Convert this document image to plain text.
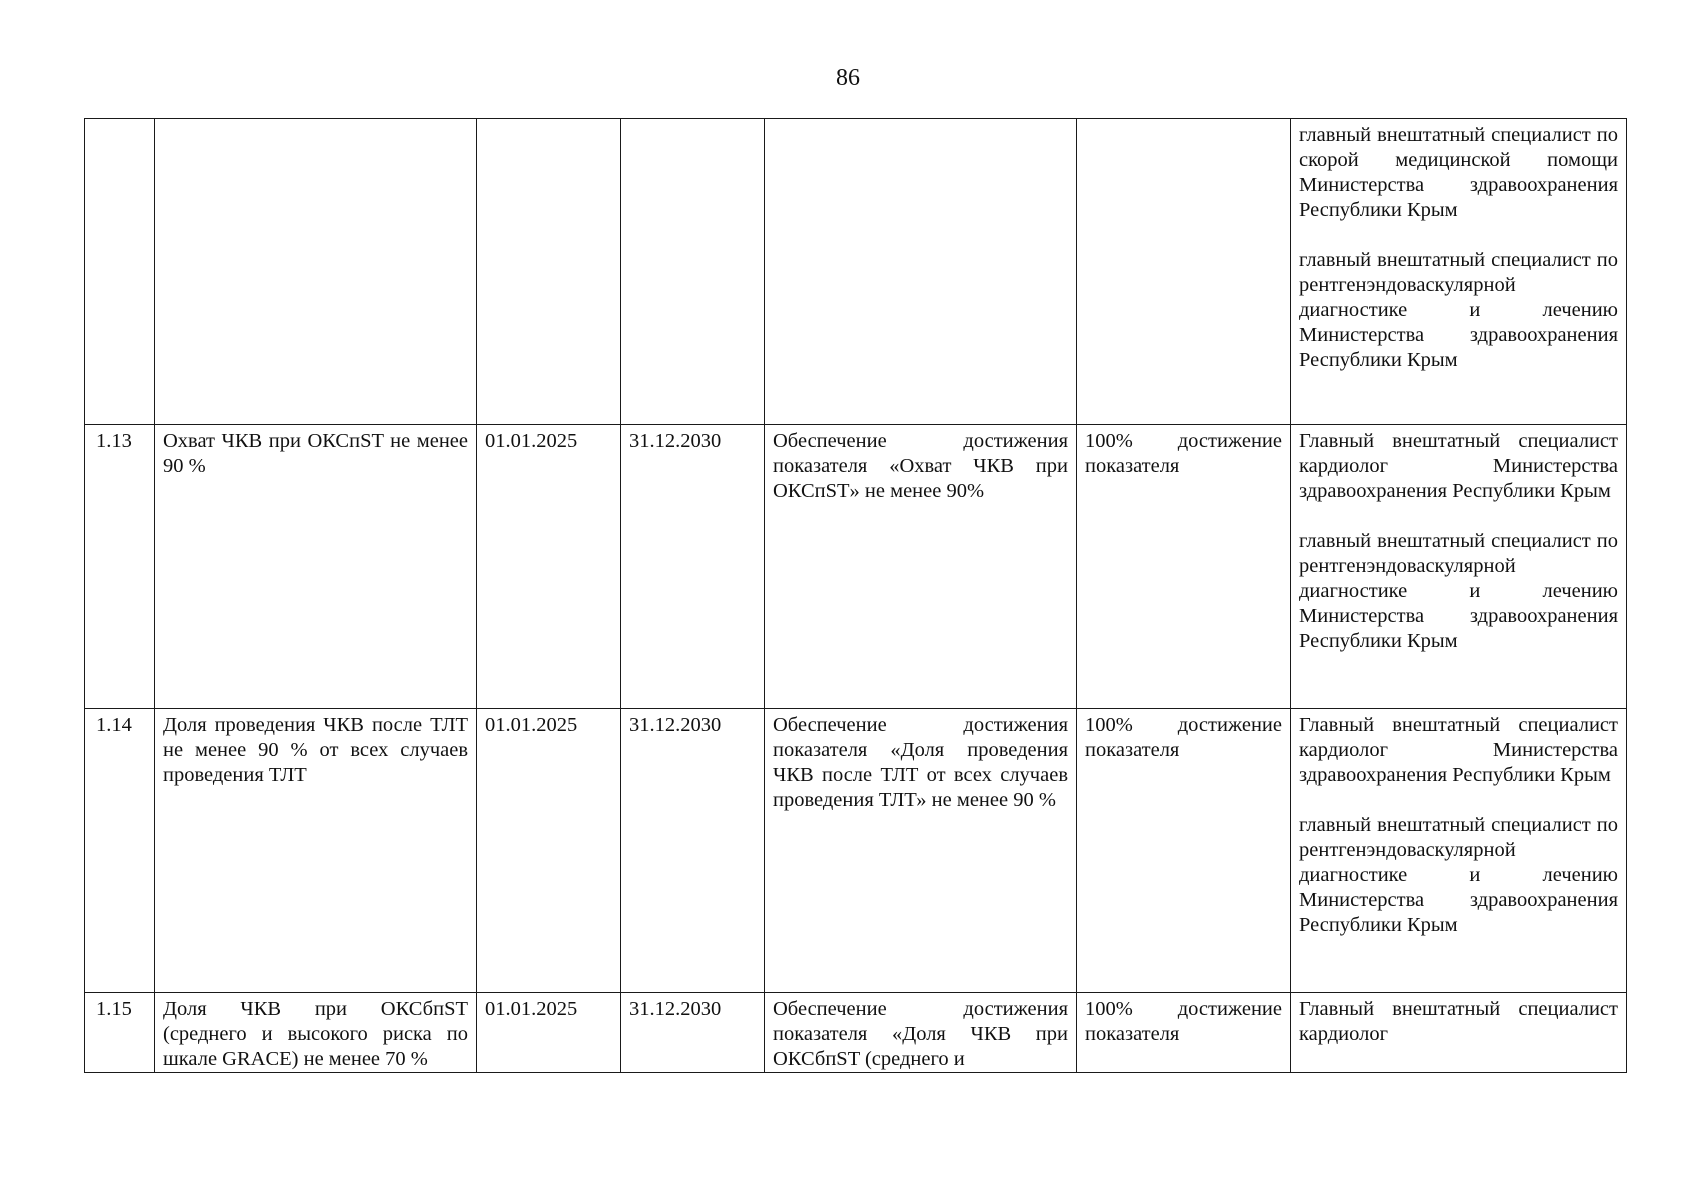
86

						главный внештатный специалист по скорой медицинской помощи Министерства здравоохранения Республики Крым

главный внештатный специалист по рентгенэндоваскулярной диагностике и лечению Министерства здравоохранения Республики Крым

1.13	Охват ЧКВ при ОКСпST не менее 90 %	01.01.2025	31.12.2030	Обеспечение достижения показателя «Охват ЧКВ при ОКСпST» не менее 90%	100% достижение показателя	Главный внештатный специалист кардиолог Министерства здравоохранения Республики Крым

главный внештатный специалист по рентгенэндоваскулярной диагностике и лечению Министерства здравоохранения Республики Крым

1.14	Доля проведения ЧКВ после ТЛТ не менее 90 % от всех случаев проведения ТЛТ	01.01.2025	31.12.2030	Обеспечение достижения показателя «Доля проведения ЧКВ после ТЛТ от всех случаев проведения ТЛТ» не менее 90 %	100% достижение показателя	Главный внештатный специалист кардиолог Министерства здравоохранения Республики Крым

главный внештатный специалист по рентгенэндоваскулярной диагностике и лечению Министерства здравоохранения Республики Крым

1.15	Доля ЧКВ при ОКСбпST (среднего и высокого риска по шкале GRACE) не менее 70 %	01.01.2025	31.12.2030	Обеспечение достижения показателя «Доля ЧКВ при ОКСбпST (среднего и	100% достижение показателя	Главный внештатный специалист кардиолог
